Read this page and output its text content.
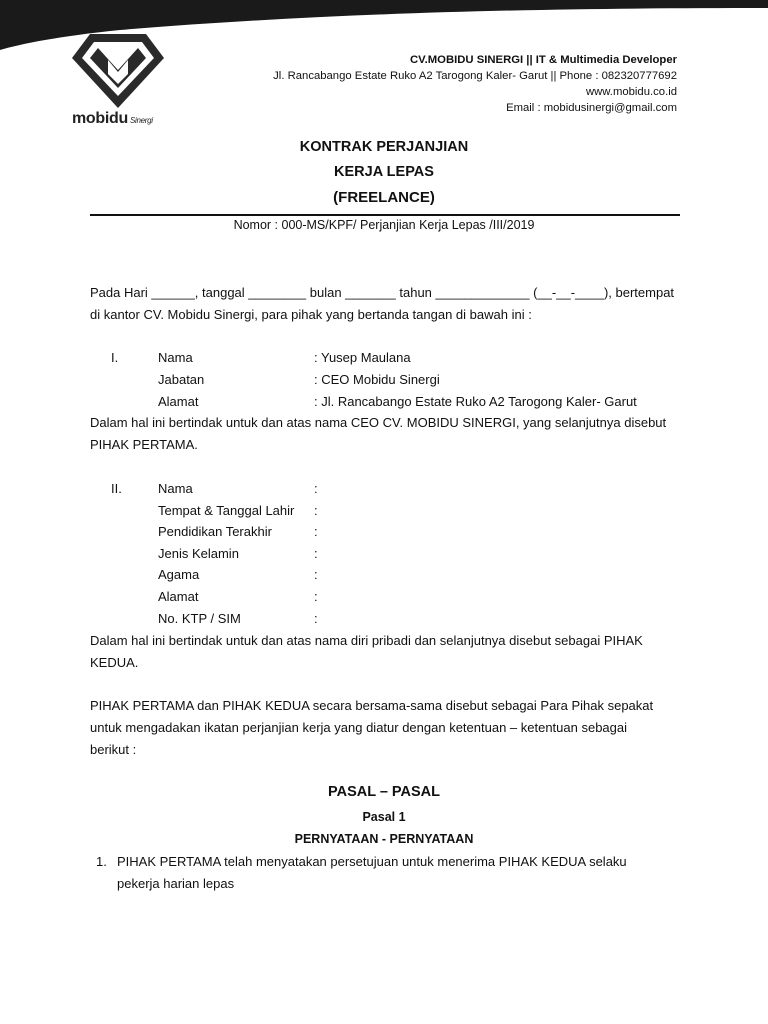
mobidu Sinergi
CV.MOBIDU SINERGI || IT & Multimedia Developer
Jl. Rancabango Estate Ruko A2 Tarogong Kaler- Garut || Phone : 082320777692
www.mobidu.co.id
Email : mobidusinergi@gmail.com
KONTRAK PERJANJIAN
KERJA LEPAS
(FREELANCE)
Nomor : 000-MS/KPF/ Perjanjian Kerja Lepas /III/2019
Pada Hari ______, tanggal ________ bulan _______ tahun _____________ (__-__-____), bertempat
di kantor CV. Mobidu Sinergi, para pihak yang bertanda tangan di bawah ini :
I.	Nama	: Yusep Maulana
Jabatan	: CEO Mobidu Sinergi
Alamat	: Jl. Rancabango Estate Ruko A2 Tarogong Kaler- Garut
Dalam hal ini bertindak untuk dan atas nama CEO CV. MOBIDU SINERGI, yang selanjutnya disebut
PIHAK PERTAMA.
II.	Nama	:
Tempat & Tanggal Lahir :
Pendidikan Terakhir	:
Jenis Kelamin	:
Agama	:
Alamat	:
No. KTP / SIM	:
Dalam hal ini bertindak untuk dan atas nama diri pribadi dan selanjutnya disebut sebagai PIHAK
KEDUA.
PIHAK PERTAMA dan PIHAK KEDUA secara bersama-sama disebut sebagai Para Pihak sepakat
untuk mengadakan ikatan perjanjian kerja yang diatur dengan ketentuan – ketentuan sebagai
berikut :
PASAL – PASAL
Pasal 1
PERNYATAAN - PERNYATAAN
1. PIHAK PERTAMA telah menyatakan persetujuan untuk menerima PIHAK KEDUA selaku
pekerja harian lepas
